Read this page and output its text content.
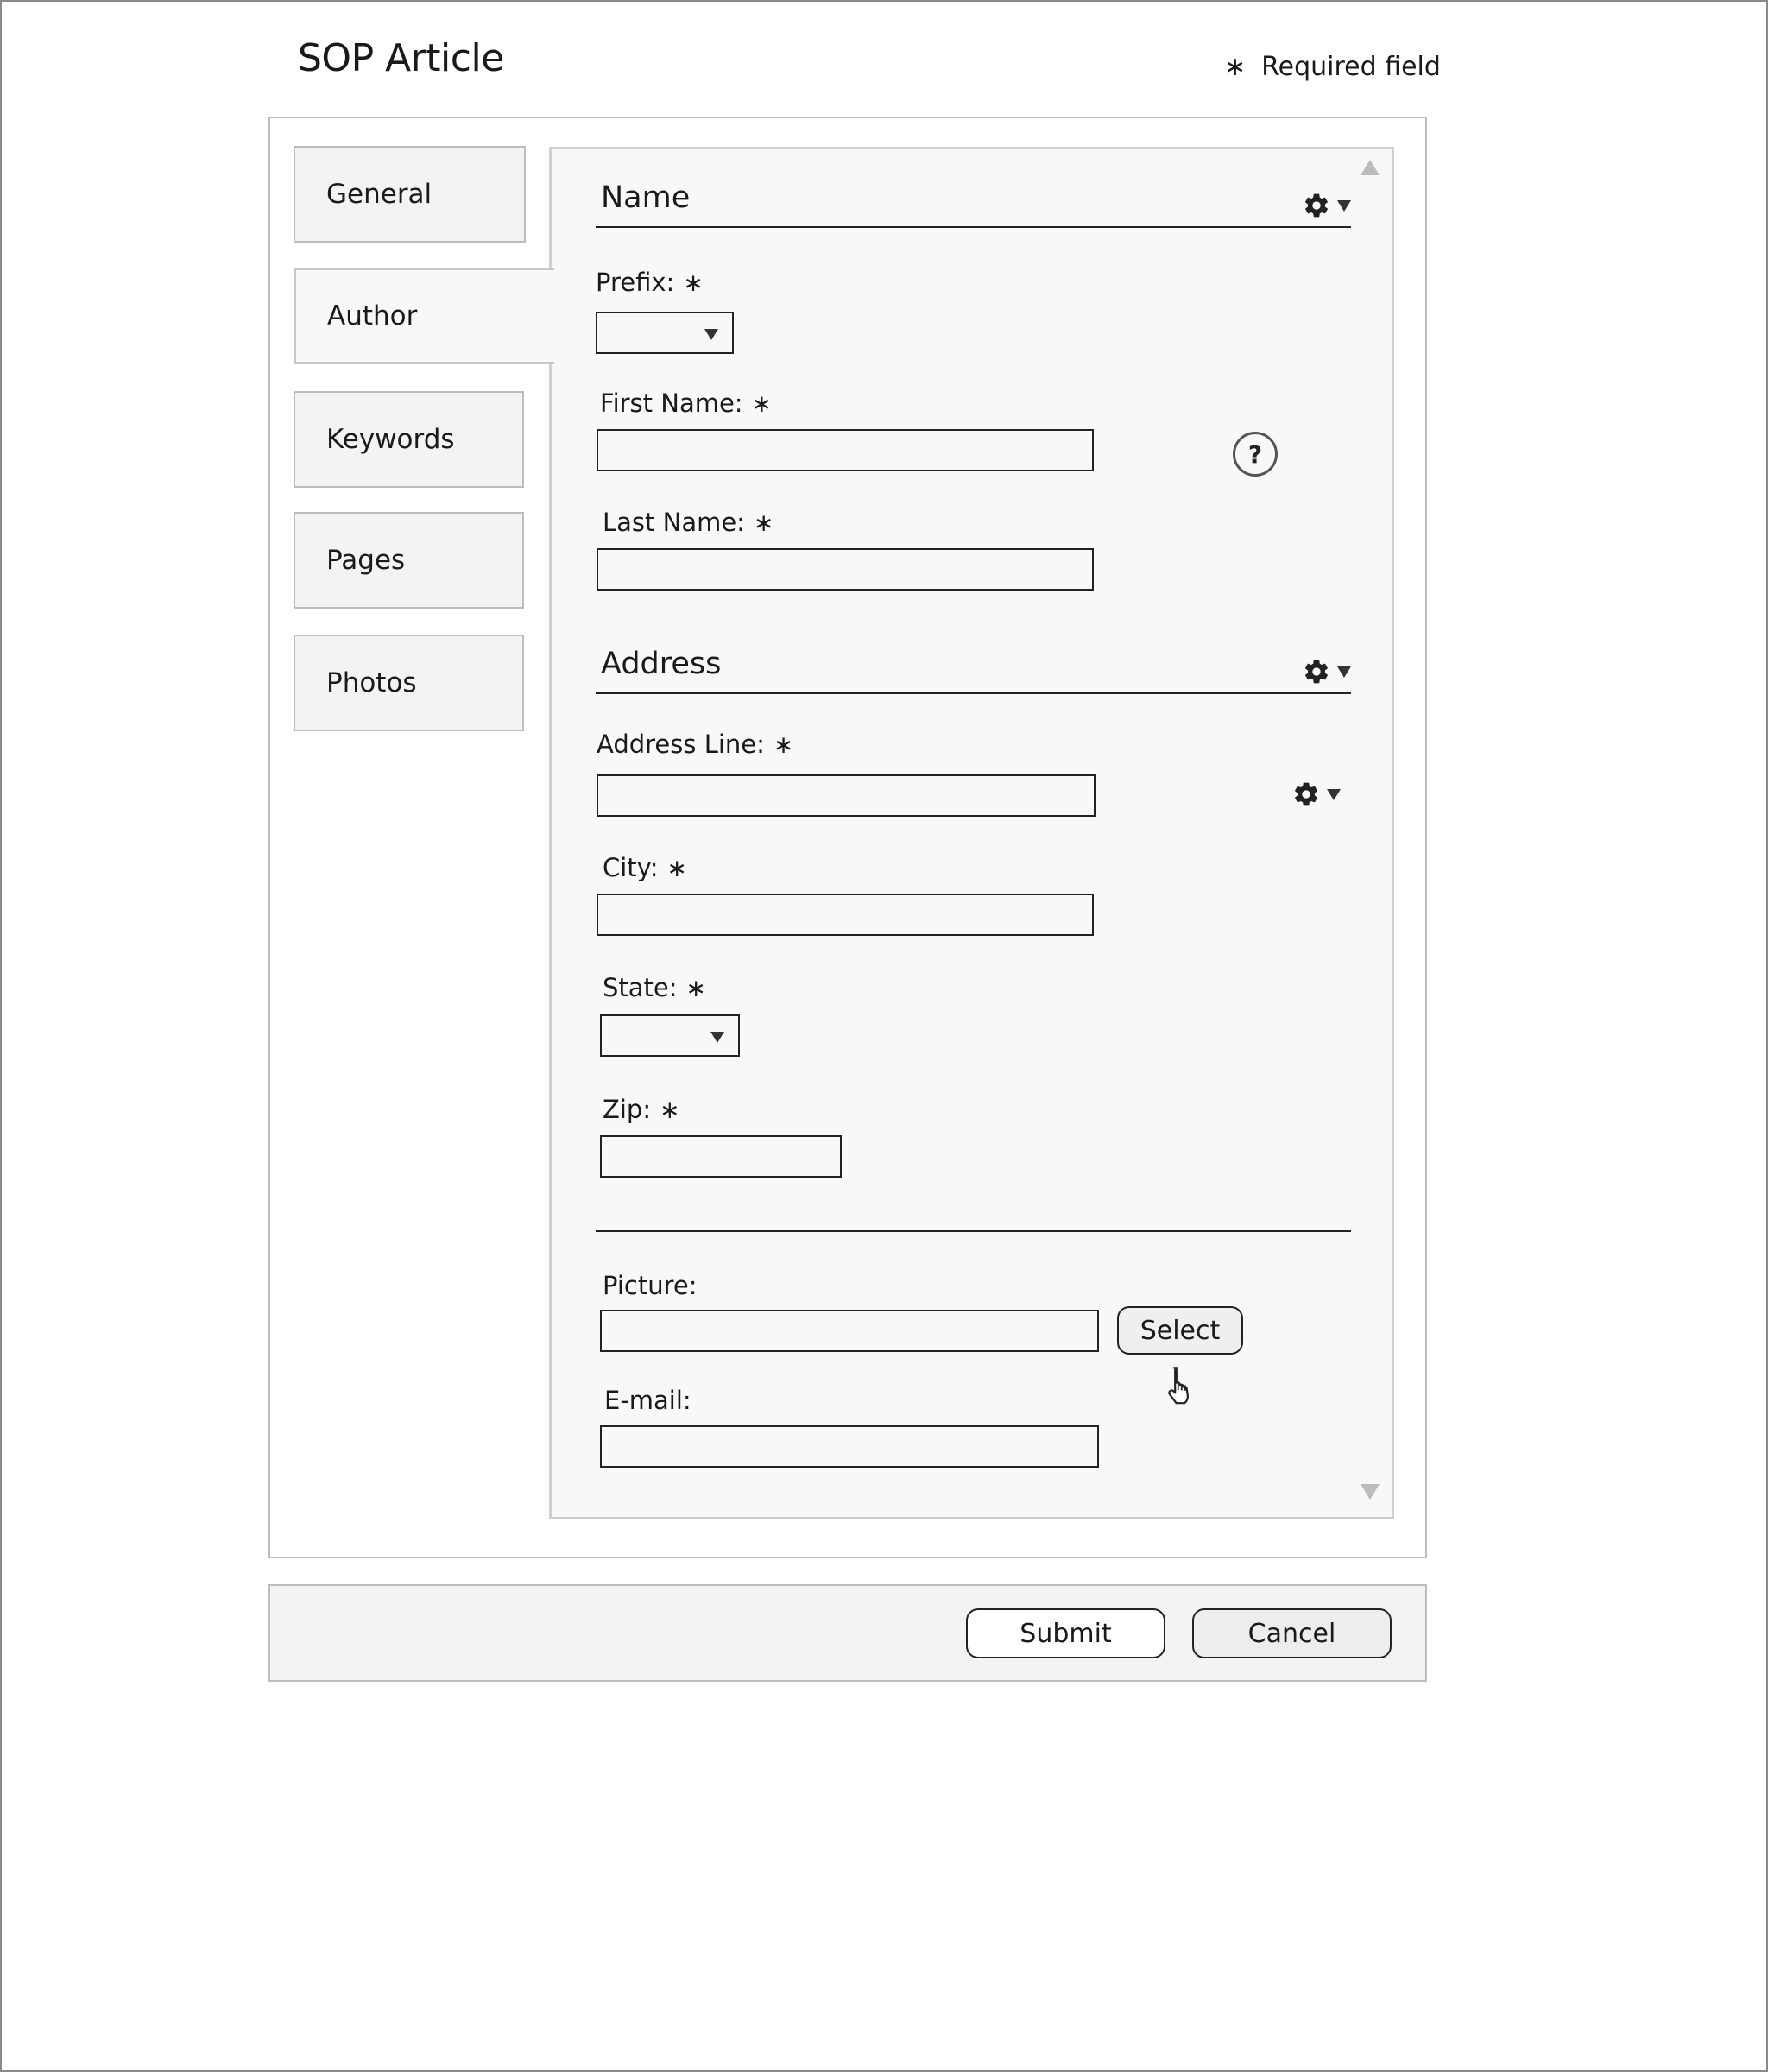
SOP Article	∗ Required field
General
Author
Keywords
Pages
Photos
Name
Prefix: ∗
First Name: ∗
?
Last Name: ∗
Address
Address Line: ∗
City: ∗
State: ∗
Zip: ∗
Picture:
Select
E-mail:
Submit	Cancel
